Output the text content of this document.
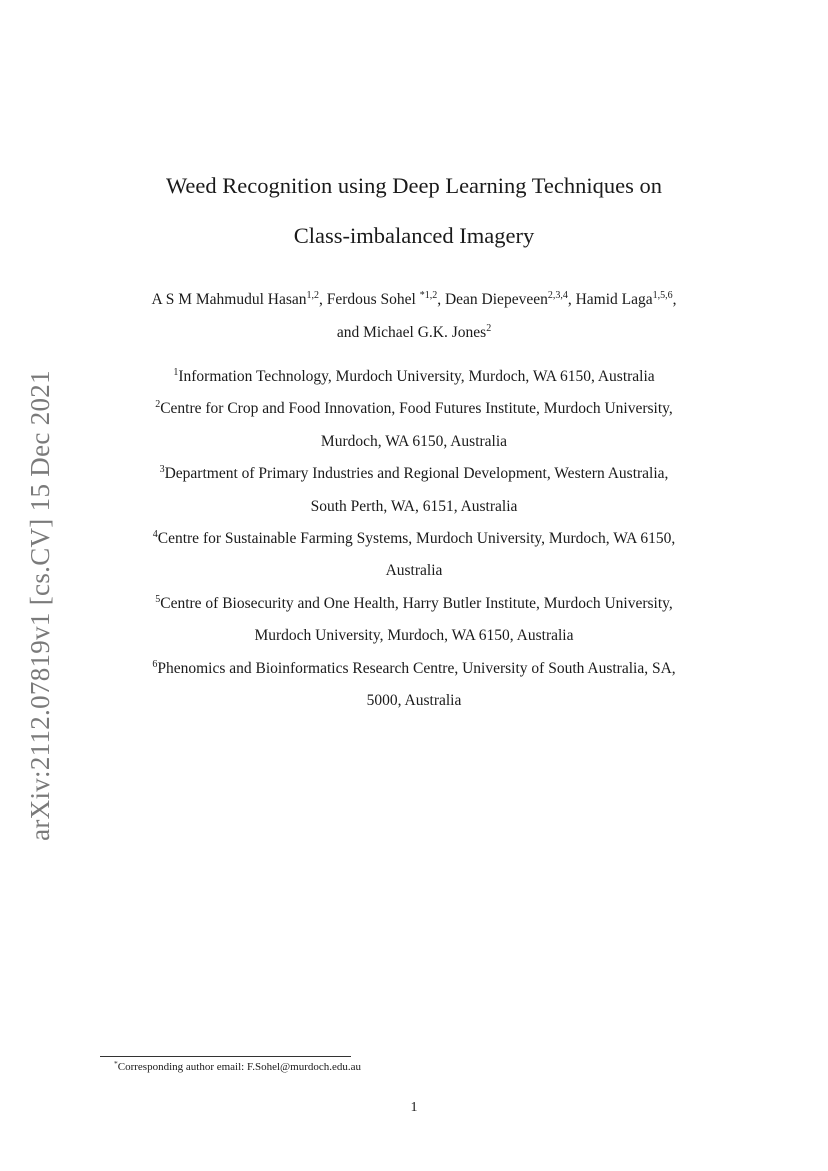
arXiv:2112.07819v1 [cs.CV] 15 Dec 2021
Weed Recognition using Deep Learning Techniques on
Class-imbalanced Imagery
A S M Mahmudul Hasan$^{1,2}$, Ferdous Sohel $^{*1,2}$, Dean Diepeveen$^{2,3,4}$, Hamid Laga$^{1,5,6}$,
and Michael G.K. Jones$^2$
$^1$Information Technology, Murdoch University, Murdoch, WA 6150, Australia
$^2$Centre for Crop and Food Innovation, Food Futures Institute, Murdoch University,
Murdoch, WA 6150, Australia
$^3$Department of Primary Industries and Regional Development, Western Australia,
South Perth, WA, 6151, Australia
$^4$Centre for Sustainable Farming Systems, Murdoch University, Murdoch, WA 6150,
Australia
$^5$Centre of Biosecurity and One Health, Harry Butler Institute, Murdoch University,
Murdoch University, Murdoch, WA 6150, Australia
$^6$Phenomics and Bioinformatics Research Centre, University of South Australia, SA,
5000, Australia
*Corresponding author email: F.Sohel@murdoch.edu.au
1
